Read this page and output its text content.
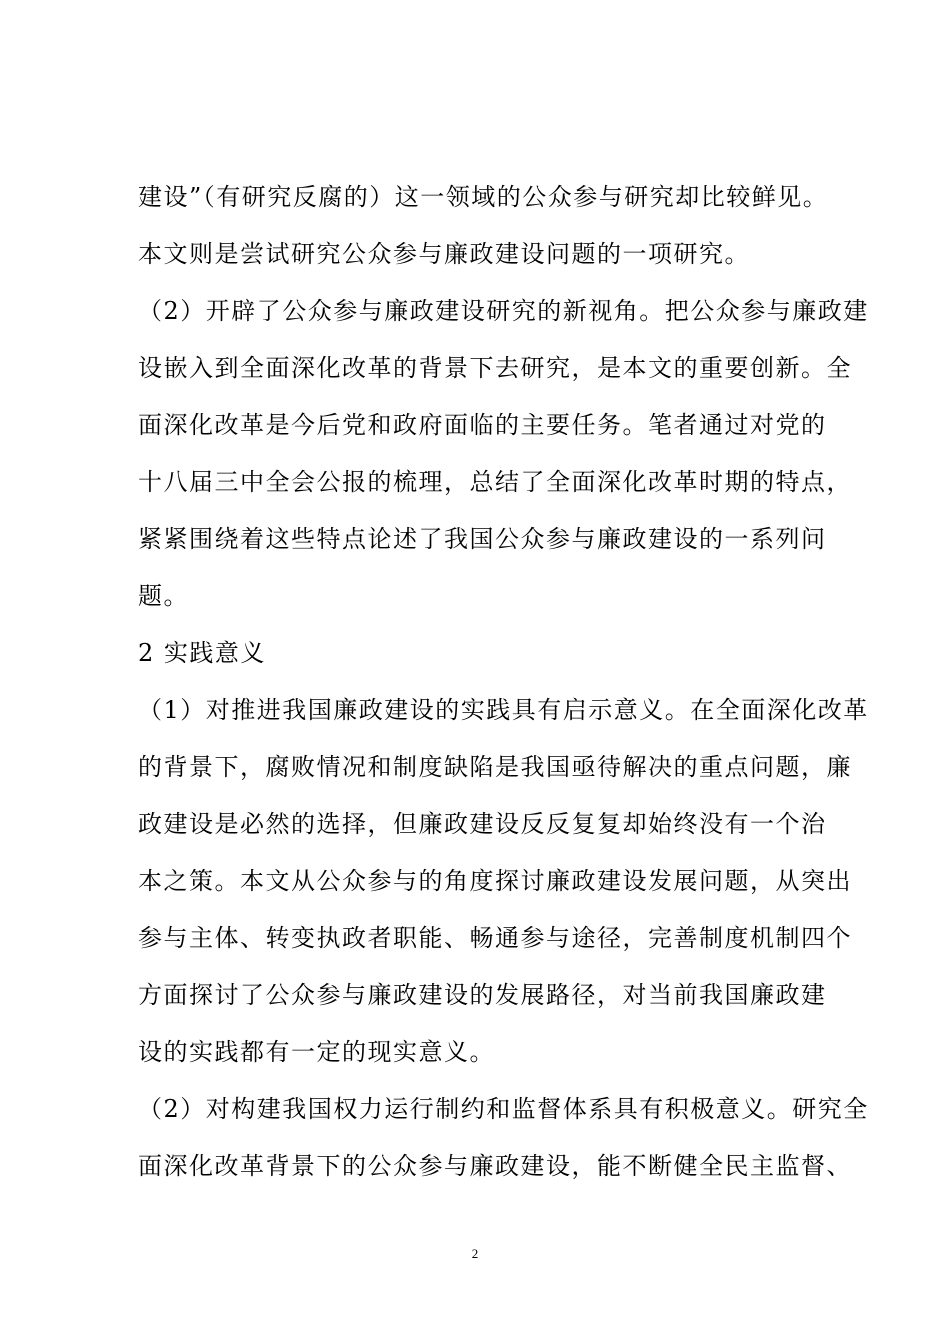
建设”（有研究反腐的）这一领域的公众参与研究却比较鲜见。
本文则是尝试研究公众参与廉政建设问题的一项研究。
（2）开辟了公众参与廉政建设研究的新视角。把公众参与廉政建
设嵌入到全面深化改革的背景下去研究，是本文的重要创新。全
面深化改革是今后党和政府面临的主要任务。笔者通过对党的
十八届三中全会公报的梳理，总结了全面深化改革时期的特点，
紧紧围绕着这些特点论述了我国公众参与廉政建设的一系列问
题。
2 实践意义
（1）对推进我国廉政建设的实践具有启示意义。在全面深化改革
的背景下，腐败情况和制度缺陷是我国亟待解决的重点问题，廉
政建设是必然的选择，但廉政建设反反复复却始终没有一个治
本之策。本文从公众参与的角度探讨廉政建设发展问题，从突出
参与主体、转变执政者职能、畅通参与途径，完善制度机制四个
方面探讨了公众参与廉政建设的发展路径，对当前我国廉政建
设的实践都有一定的现实意义。
（2）对构建我国权力运行制约和监督体系具有积极意义。研究全
面深化改革背景下的公众参与廉政建设，能不断健全民主监督、
2
